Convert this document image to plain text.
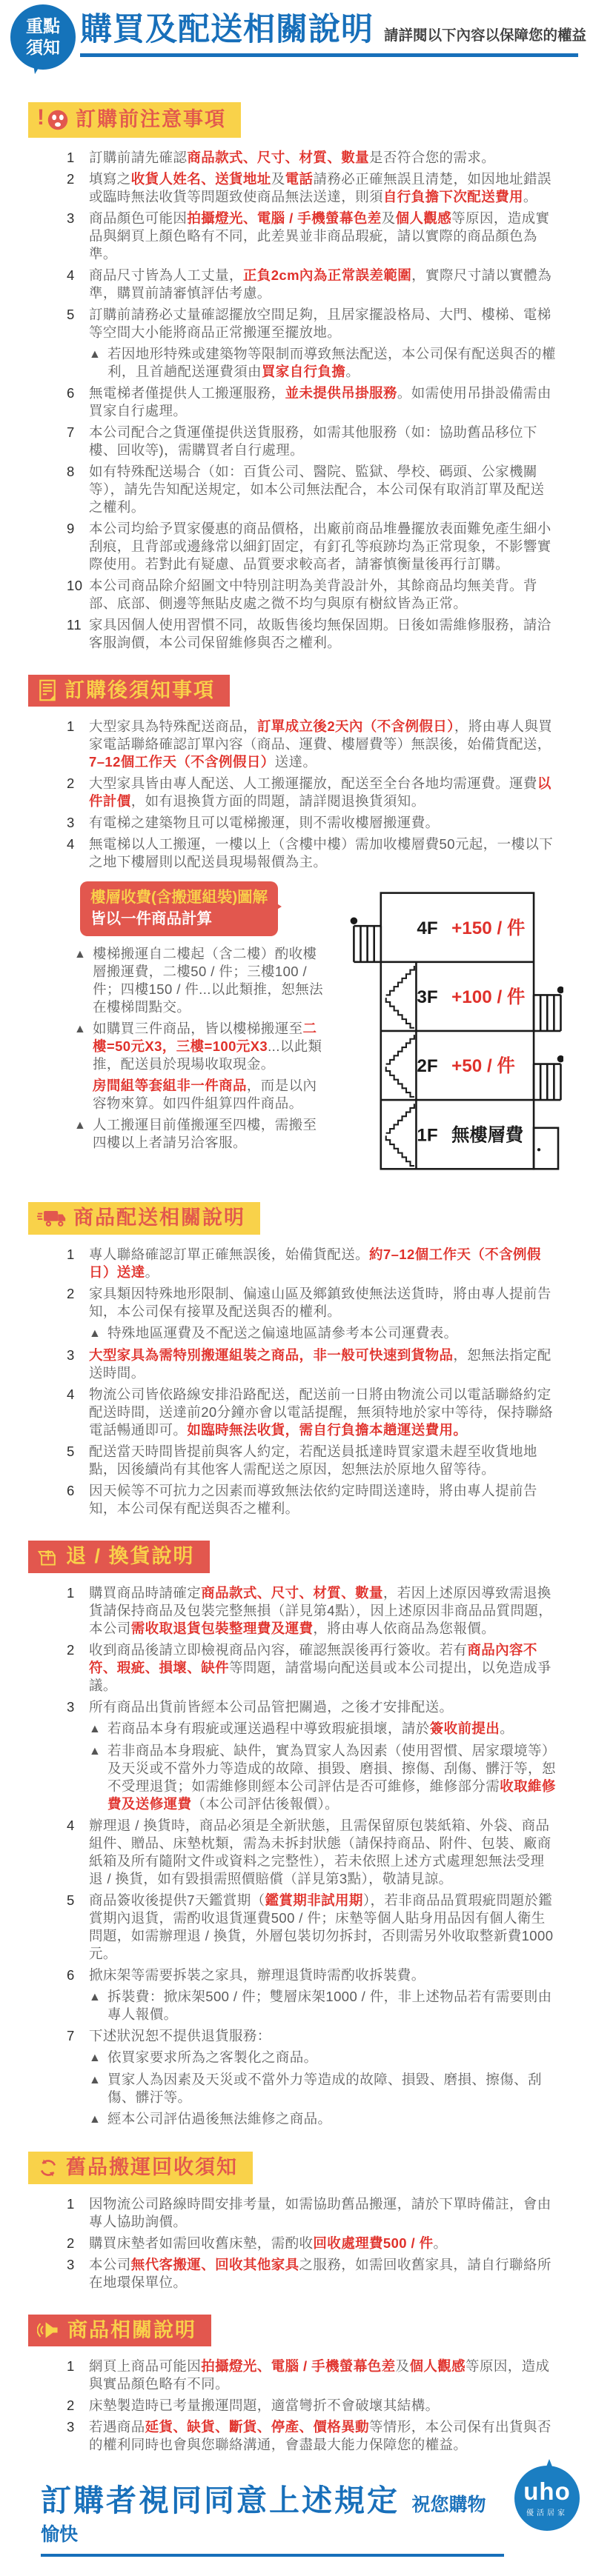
重點
須知 購買及配送相關說明 請詳閱以下內容以保障您的權益
! 訂購前注意事項
1	訂購前請先確認商品款式、尺寸、材質、數量是否符合您的需求。
2	填寫之收貨人姓名、送貨地址及電話請務必正確無誤且清楚，如因地址錯誤或臨時無法收貨等問題致使商品無法送達，則須自行負擔下次配送費用。
3	商品顏色可能因拍攝燈光、電腦 / 手機螢幕色差及個人觀感等原因，造成實品與網頁上顏色略有不同，此差異並非商品瑕疵，請以實際的商品顏色為準。
4	商品尺寸皆為人工丈量，正負2cm內為正常誤差範圍，實際尺寸請以實體為準，購買前請審慎評估考慮。
5	訂購前請務必丈量確認擺放空間足夠，且居家擺設格局、大門、樓梯、電梯等空間大小能將商品正常搬運至擺放地。
▲ 若因地形特殊或建築物等限制而導致無法配送，本公司保有配送與否的權利，且首趟配送運費須由買家自行負擔。
6	無電梯者僅提供人工搬運服務，並未提供吊掛服務。如需使用吊掛設備需由買家自行處理。
7	本公司配合之貨運僅提供送貨服務，如需其他服務（如：協助舊品移位下樓、回收等)，需購買者自行處理。
8	如有特殊配送場合（如：百貨公司、醫院、監獄、學校、碼頭、公家機關等），請先告知配送規定，如本公司無法配合，本公司保有取消訂單及配送之權利。
9	本公司均給予買家優惠的商品價格，出廠前商品堆疊擺放表面難免產生細小刮痕，且背部或邊緣常以細釘固定，有釘孔等痕跡均為正常現象，不影響實際使用。若對此有疑慮、品質要求較高者，請審慎衡量後再行訂購。
10 本公司商品除介紹圖文中特別註明為美背設計外，其餘商品均無美背。背部、底部、側邊等無貼皮處之微不均勻與原有樹紋皆為正常。
11 家具因個人使用習慣不同，故販售後均無保固期。日後如需維修服務，請洽客服詢價，本公司保留維修與否之權利。
訂購後須知事項
1	大型家具為特殊配送商品，訂單成立後2天內（不含例假日），將由專人與買家電話聯絡確認訂單內容（商品、運費、樓層費等）無誤後，始備貨配送，7–12個工作天（不含例假日）送達。
2	大型家具皆由專人配送、人工搬運擺放，配送至全台各地均需運費。運費以件計價，如有退換貨方面的問題，請詳閱退換貨須知。
3	有電梯之建築物且可以電梯搬運，則不需收樓層搬運費。
4	無電梯以人工搬運，一樓以上（含樓中樓）需加收樓層費50元起，一樓以下之地下樓層則以配送員現場報價為主。
樓層收費(含搬運組裝)圖解
皆以一件商品計算
▲ 樓梯搬運自二樓起（含二樓）酌收樓層搬運費，二樓50 / 件；三樓100 / 件；四樓150 / 件...以此類推，恕無法在樓梯間點交。
▲ 如購買三件商品，皆以樓梯搬運至二樓=50元X3，三樓=100元X3...以此類推，配送員於現場收取現金。
房間組等套組非一件商品，而是以內容物來算。如四件組算四件商品。
▲ 人工搬運目前僅搬運至四樓，需搬至四樓以上者請另洽客服。
4F +150 / 件
3F +100 / 件
2F +50 / 件
1F 無樓層費
商品配送相關說明
1	專人聯絡確認訂單正確無誤後，始備貨配送。約7–12個工作天（不含例假日）送達。
2	家具類因特殊地形限制、偏遠山區及鄉鎮致使無法送貨時，將由專人提前告知，本公司保有接單及配送與否的權利。
▲ 特殊地區運費及不配送之偏遠地區請參考本公司運費表。
3	大型家具為需特別搬運組裝之商品，非一般可快速到貨物品，恕無法指定配送時間。
4	物流公司皆依路線安排沿路配送，配送前一日將由物流公司以電話聯絡約定配送時間，送達前20分鐘亦會以電話提醒，無須特地於家中等待，保持聯絡電話暢通即可。如臨時無法收貨，需自行負擔本趟運送費用。
5	配送當天時間皆提前與客人約定，若配送員抵達時買家還未趕至收貨地地點，因後續尚有其他客人需配送之原因，恕無法於原地久留等待。
6	因天候等不可抗力之因素而導致無法依約定時間送達時，將由專人提前告知，本公司保有配送與否之權利。
退 / 換貨說明
1	購買商品時請確定商品款式、尺寸、材質、數量，若因上述原因導致需退換貨請保持商品及包裝完整無損（詳見第4點），因上述原因非商品品質問題，本公司需收取退貨包裝整理費及運費，將由專人依商品為您報價。
2	收到商品後請立即檢視商品內容，確認無誤後再行簽收。若有商品內容不符、瑕疵、損壞、缺件等問題，請當場向配送員或本公司提出，以免造成爭議。
3	所有商品出貨前皆經本公司品管把關過，之後才安排配送。
▲ 若商品本身有瑕疵或運送過程中導致瑕疵損壞，請於簽收前提出。
▲ 若非商品本身瑕疵、缺件，實為買家人為因素（使用習慣、居家環境等）及天災或不當外力等造成的故障、損毀、磨損、擦傷、刮傷、髒汙等，恕不受理退貨；如需維修則經本公司評估是否可維修，維修部分需收取維修費及送修運費（本公司評估後報價）。
4	辦理退 / 換貨時，商品必須是全新狀態，且需保留原包裝紙箱、外袋、商品組件、贈品、床墊枕類，需為未拆封狀態（請保持商品、附件、包裝、廠商紙箱及所有隨附文件或資料之完整性），若未依照上述方式處理恕無法受理退 / 換貨，如有毀損需照價賠償（詳見第3點），敬請見諒。
5	商品簽收後提供7天鑑賞期（鑑賞期非試用期），若非商品品質瑕疵問題於鑑賞期內退貨，需酌收退貨運費500 / 件；床墊等個人貼身用品因有個人衛生問題，如需辦理退 / 換貨，外層包裝切勿拆封，否則需另外收取整新費1000元。
6	掀床架等需要拆裝之家具，辦理退貨時需酌收拆裝費。
▲ 拆裝費：掀床架500 / 件；雙層床架1000 / 件，非上述物品若有需要則由專人報價。
7	下述狀況恕不提供退貨服務：
▲ 依買家要求所為之客製化之商品。
▲ 買家人為因素及天災或不當外力等造成的故障、損毀、磨損、擦傷、刮傷、髒汙等。
▲ 經本公司評估過後無法維修之商品。
舊品搬運回收須知
1	因物流公司路線時間安排考量，如需協助舊品搬運，請於下單時備註，會由專人協助詢價。
2	購買床墊者如需回收舊床墊，需酌收回收處理費500 / 件。
3	本公司無代客搬運、回收其他家具之服務，如需回收舊家具，請自行聯絡所在地環保單位。
商品相關說明
1	網頁上商品可能因拍攝燈光、電腦 / 手機螢幕色差及個人觀感等原因，造成與實品顏色略有不同。
2	床墊製造時已考量搬運問題，適當彎折不會破壞其結構。
3	若遇商品延貨、缺貨、斷貨、停產、價格異動等情形，本公司保有出貨與否的權利同時也會與您聯絡溝通，會盡最大能力保障您的權益。
訂購者視同同意上述規定 祝您購物愉快
uho
優活居家
